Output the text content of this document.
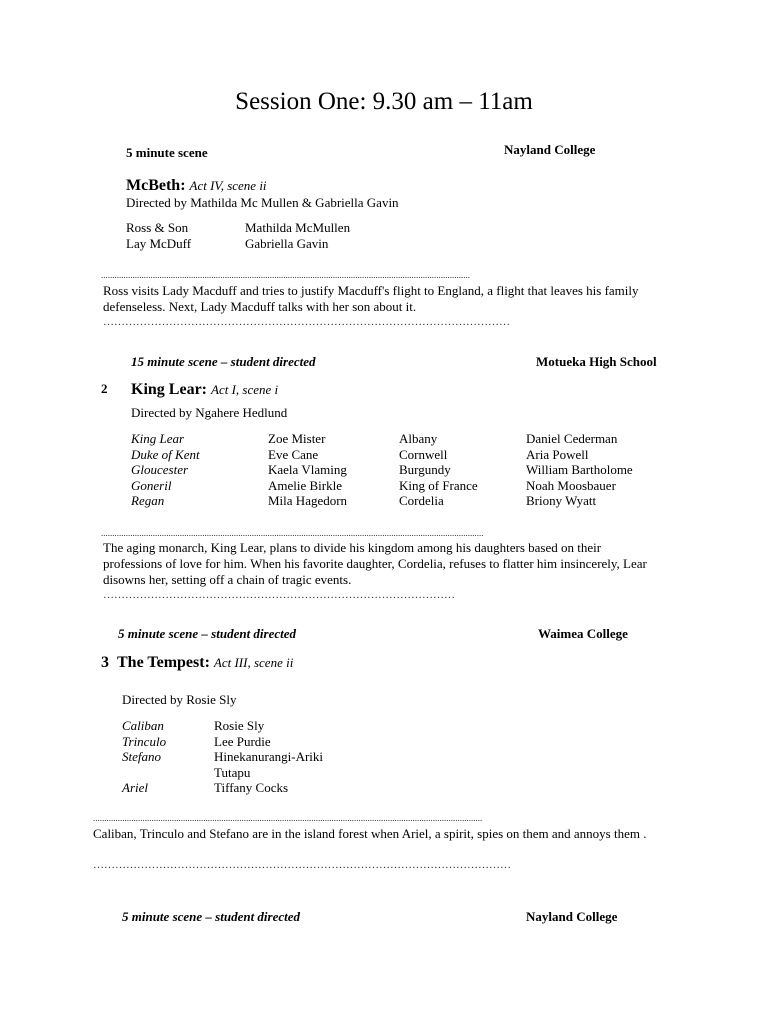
Session One: 9.30 am – 11am
5 minute scene	Nayland College
McBeth: Act IV, scene ii
Directed by Mathilda Mc Mullen & Gabriella Gavin
Ross & Son	Mathilda McMullen
Lay McDuff	Gabriella Gavin
....................................................................................................................................................................
Ross visits Lady Macduff and tries to justify Macduff's flight to England, a flight that leaves his family defenseless. Next, Lady Macduff talks with her son about it.
…………………………………………………………………………………………………
15 minute scene – student directed	Motueka High School
2 King Lear: Act I, scene i
Directed by Ngahere Hedlund
King Lear	Zoe Mister	Albany	Daniel Cederman
Duke of Kent	Eve Cane	Cornwell	Aria Powell
Gloucester	Kaela Vlaming	Burgundy	William Bartholome
Goneril	Amelie Birkle	King of France	Noah Moosbauer
Regan	Mila Hagedorn	Cordelia	Briony Wyatt
..........................................................................................................................................................................
The aging monarch, King Lear, plans to divide his kingdom among his daughters based on their professions of love for him. When his favorite daughter, Cordelia, refuses to flatter him insincerely, Lear disowns her, setting off a chain of tragic events.
……………………………………………………………………………………
5 minute scene – student directed	Waimea College
3 The Tempest: Act III, scene ii
Directed by Rosie Sly
Caliban	Rosie Sly
Trinculo	Lee Purdie
Stefano	Hinekanurangi-Ariki
	Tutapu
Ariel	Tiffany Cocks
.............................................................................................................................................................................
Caliban, Trinculo and Stefano are in the island forest when Ariel, a spirit, spies on them and annoys them .
……………………………………………………………………………………………………
5 minute scene – student directed	Nayland College
